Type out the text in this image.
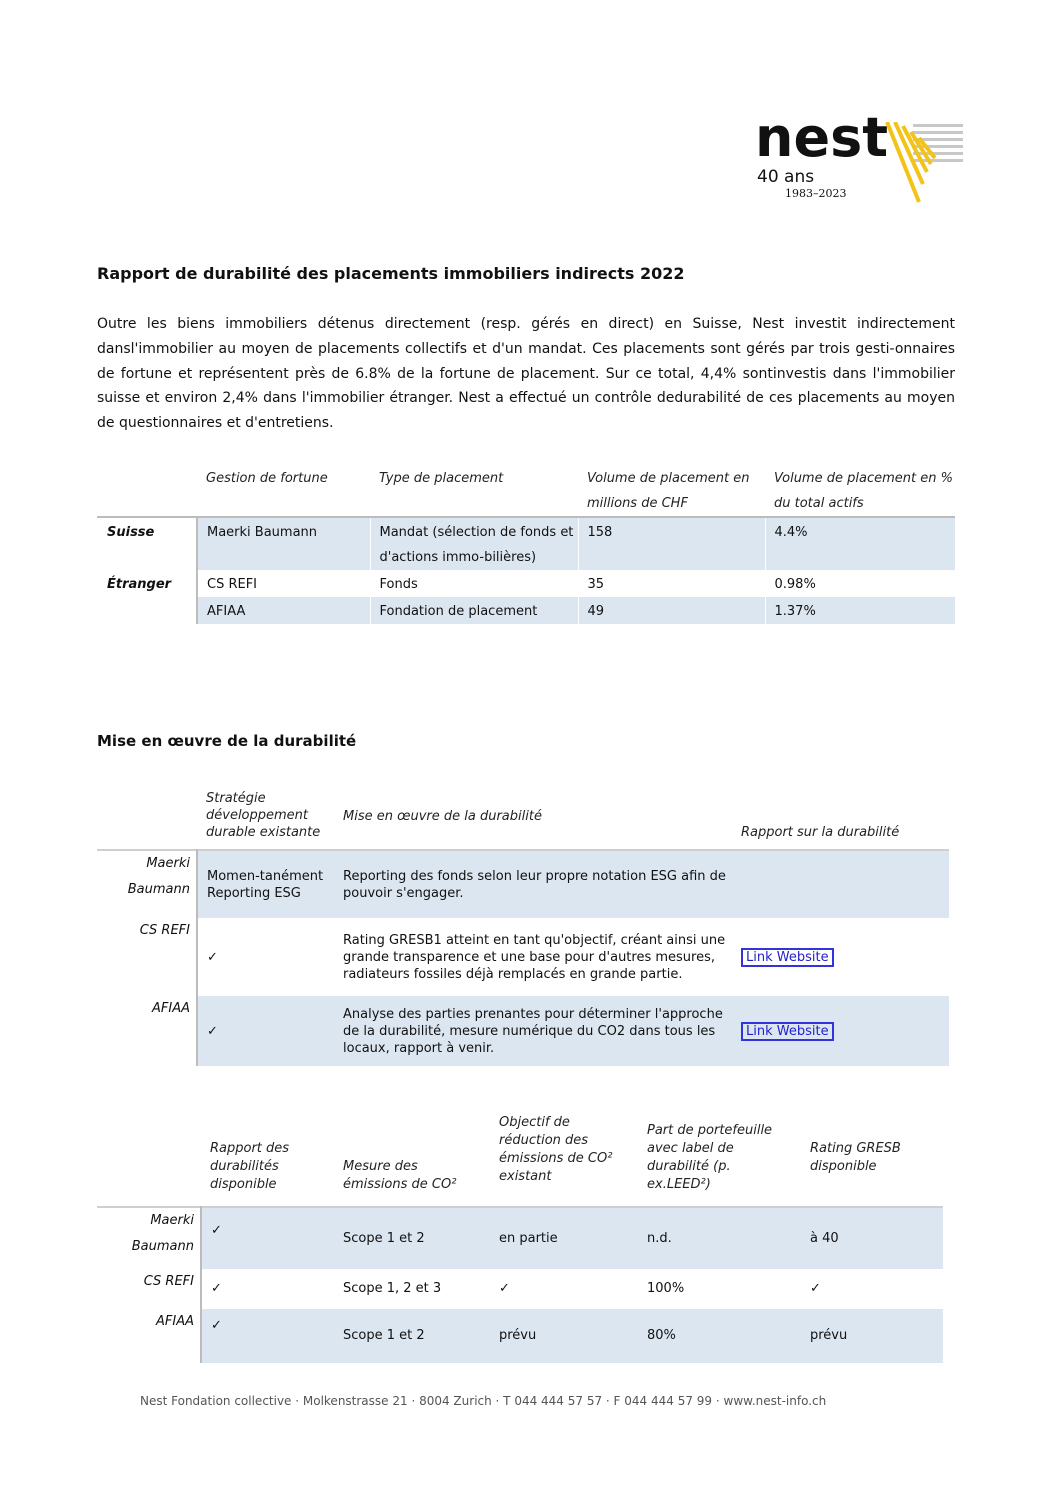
nest
40 ans
1983–2023
Rapport de durabilité des placements immobiliers indirects 2022

Outre les biens immobiliers détenus directement (resp. gérés en direct) en Suisse, Nest investit indirectement dansl'immobilier au moyen de placements collectifs et d'un mandat. Ces placements sont gérés par trois gesti-onnaires de fortune et représentent près de 6.8% de la fortune de placement. Sur ce total, 4,4% sontinvestis dans l'immobilier suisse et environ 2,4% dans l'immobilier étranger. Nest a effectué un contrôle dedurabilité de ces placements au moyen de questionnaires et d'entretiens.

	Gestion de fortune	Type de placement	Volume de placement en millions de CHF	Volume de placement en % du total actifs
Suisse	Maerki Baumann	Mandat (sélection de fonds et d'actions immo-bilières)	158	4.4%
Étranger	CS REFI	Fonds	35	0.98%
	AFIAA	Fondation de placement	49	1.37%
Mise en œuvre de la durabilité
	Stratégie développement durable existante	Mise en œuvre de la durabilité	Rapport sur la durabilité
Maerki Baumann	Momen-tanément Reporting ESG	Reporting des fonds selon leur propre notation ESG afin de pouvoir s'engager.	
CS REFI	✓	Rating GRESB1 atteint en tant qu'objectif, créant ainsi une grande transparence et une base pour d'autres mesures, radiateurs fossiles déjà remplacés en grande partie.	Link Website
AFIAA	✓	Analyse des parties prenantes pour déterminer l'approche de la durabilité, mesure numérique du CO2 dans tous les locaux, rapport à venir.	Link Website
	Rapport des durabilités disponible	Mesure des émissions de CO²	Objectif de réduction des émissions de CO² existant	Part de portefeuille avec label de durabilité (p. ex.LEED²)	Rating GRESB disponible
Maerki Baumann	✓	Scope 1 et 2	en partie	n.d.	à 40
CS REFI	✓	Scope 1, 2 et 3	✓	100%	✓
AFIAA	✓	Scope 1 et 2	prévu	80%	prévu
Nest Fondation collective · Molkenstrasse 21 · 8004 Zurich · T 044 444 57 57 · F 044 444 57 99 · www.nest-info.ch
